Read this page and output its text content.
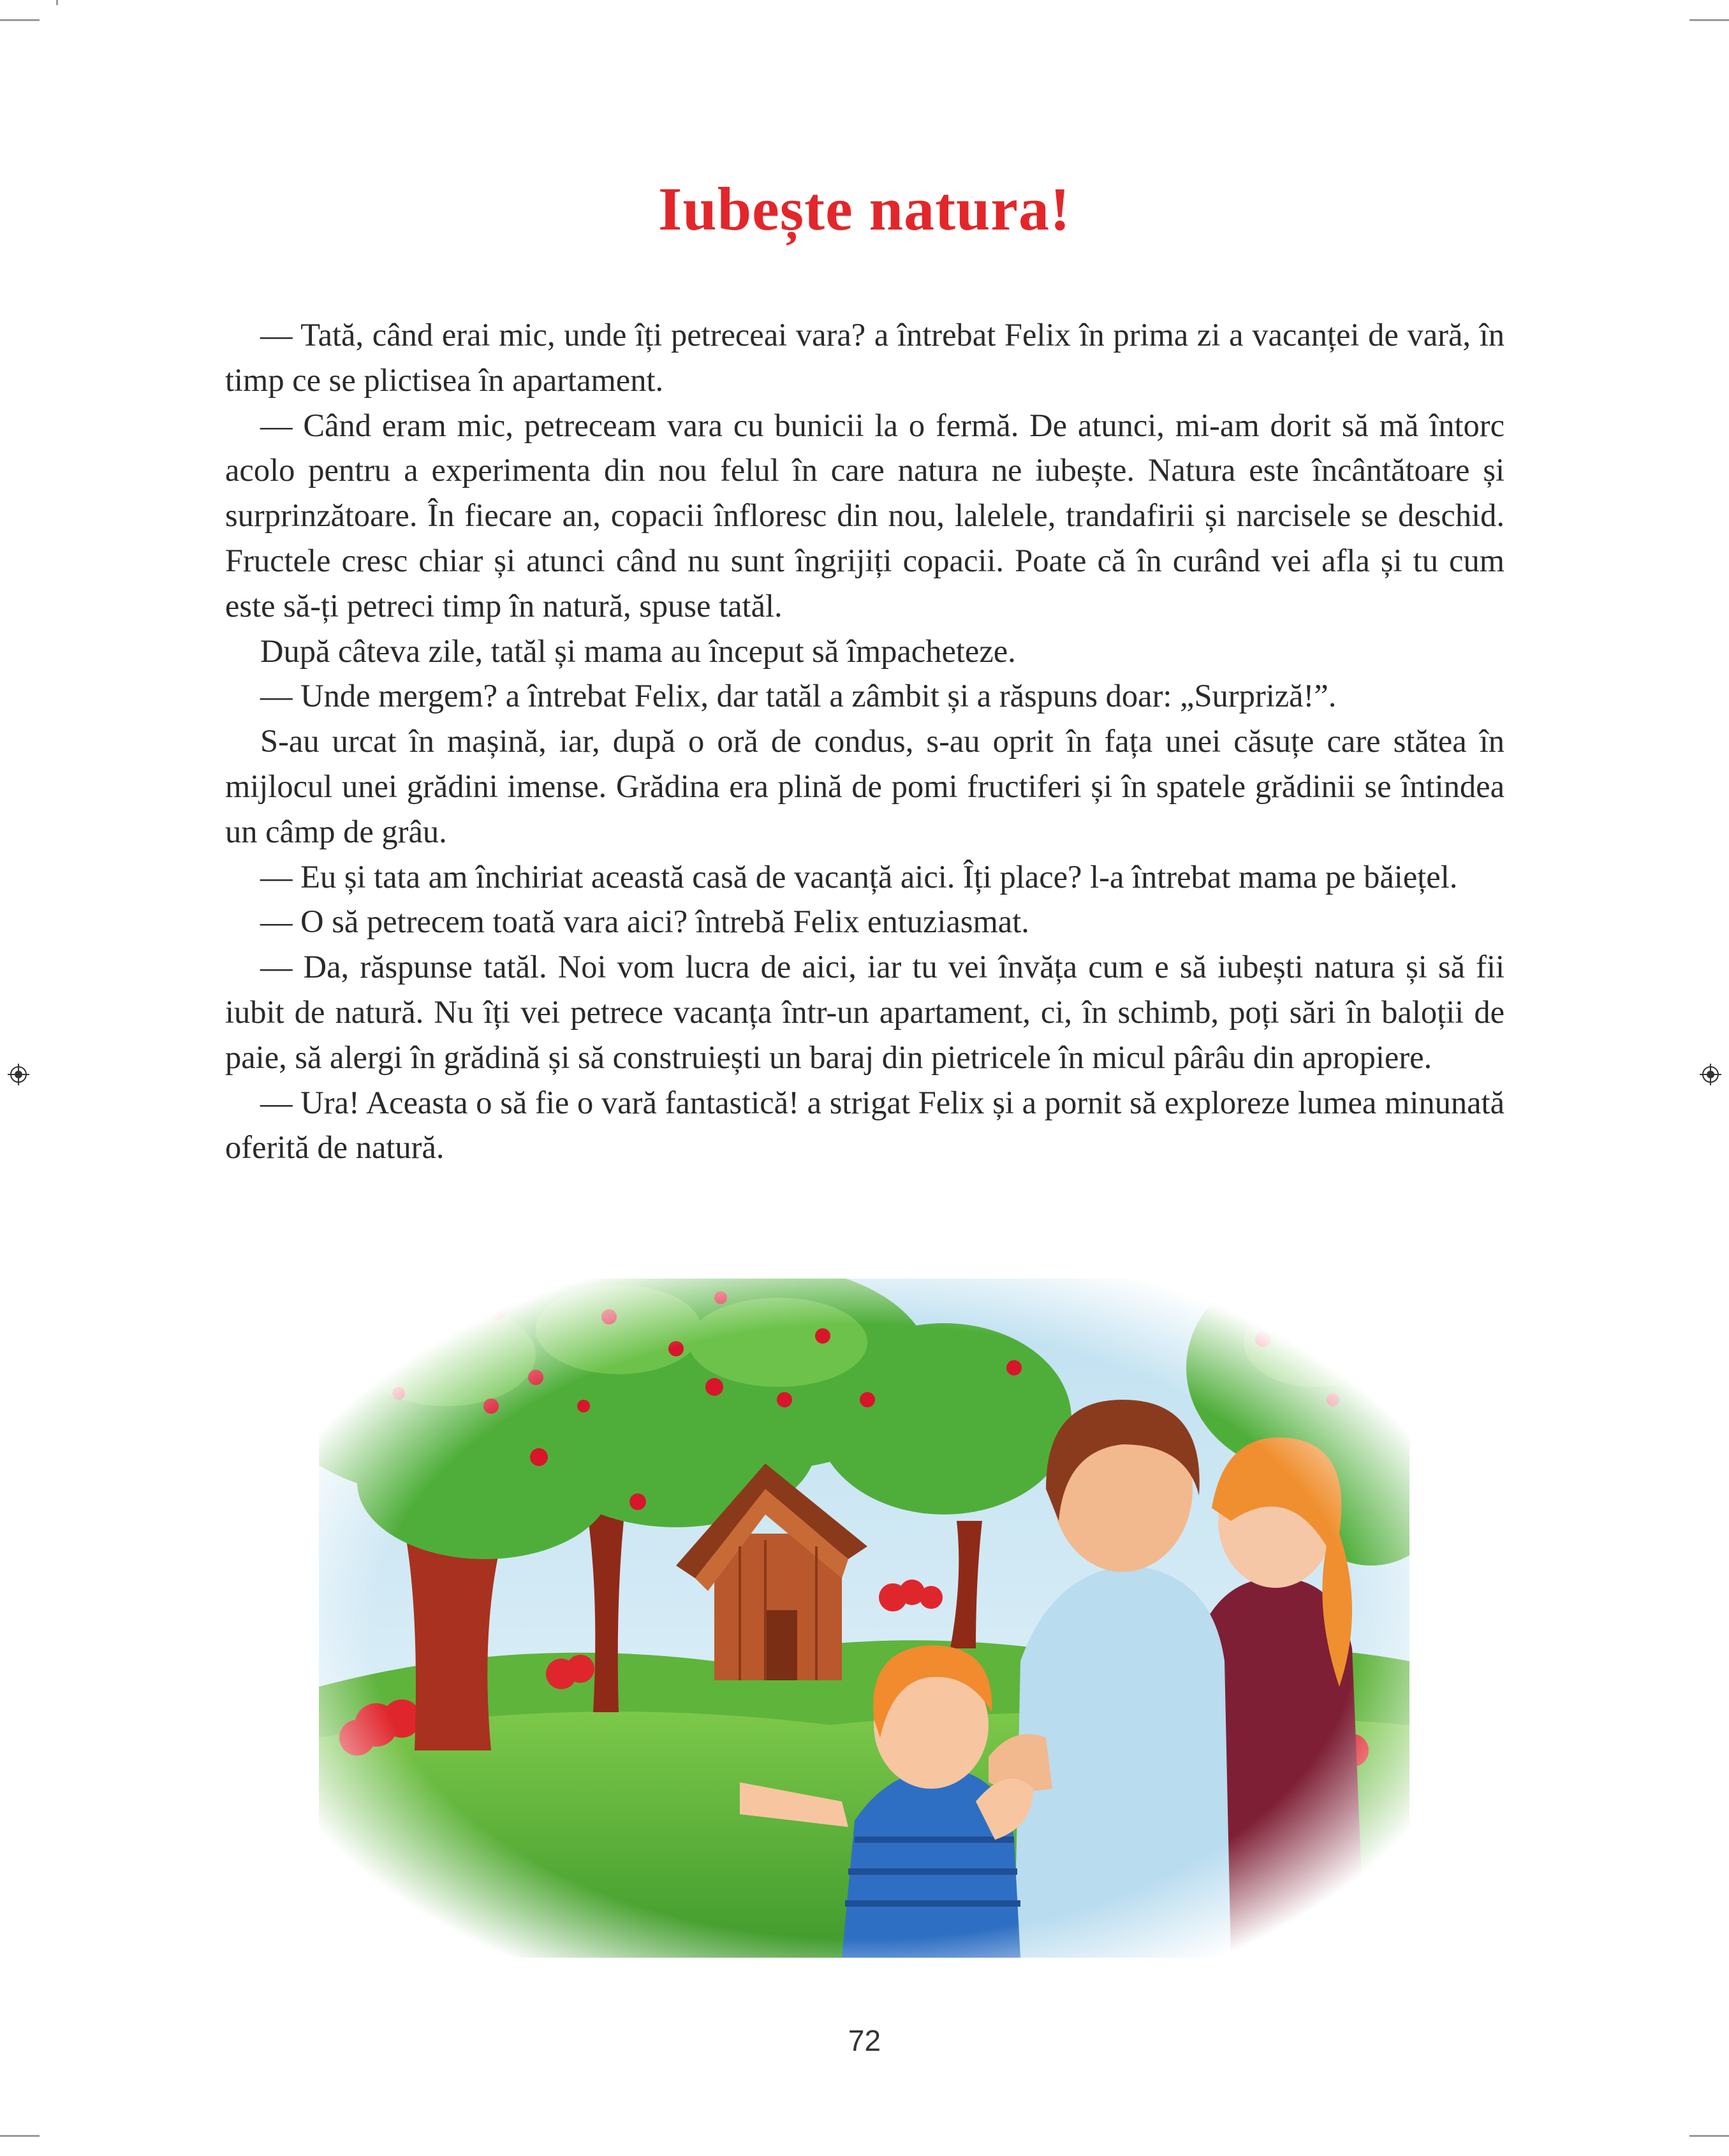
Iubește natura!

— Tată, când erai mic, unde îți petreceai vara? a întrebat Felix în prima zi a vacanței de vară, în timp ce se plictisea în apartament.

— Când eram mic, petreceam vara cu bunicii la o fermă. De atunci, mi-am dorit să mă întorc acolo pentru a experimenta din nou felul în care natura ne iubește. Natura este încântătoare și surprinzătoare. În fiecare an, copacii înfloresc din nou, lalelele, trandafirii și narcisele se deschid. Fructele cresc chiar și atunci când nu sunt îngrijiți copacii. Poate că în curând vei afla și tu cum este să-ți petreci timp în natură, spuse tatăl.

După câteva zile, tatăl și mama au început să împacheteze.

— Unde mergem? a întrebat Felix, dar tatăl a zâmbit și a răspuns doar: „Surpriză!”.

S-au urcat în mașină, iar, după o oră de condus, s-au oprit în fața unei căsuțe care stătea în mijlocul unei grădini imense. Grădina era plină de pomi fructiferi și în spatele grădinii se întindea un câmp de grâu.

— Eu și tata am închiriat această casă de vacanță aici. Îți place? l-a întrebat mama pe băiețel.

— O să petrecem toată vara aici? întrebă Felix entuziasmat.

— Da, răspunse tatăl. Noi vom lucra de aici, iar tu vei învăța cum e să iubești natura și să fii iubit de natură. Nu îți vei petrece vacanța într-un apartament, ci, în schimb, poți sări în baloții de paie, să alergi în grădină și să construiești un baraj din pietricele în micul pârâu din apropiere.

— Ura! Aceasta o să fie o vară fantastică! a strigat Felix și a pornit să exploreze lumea minunată oferită de natură.

72
